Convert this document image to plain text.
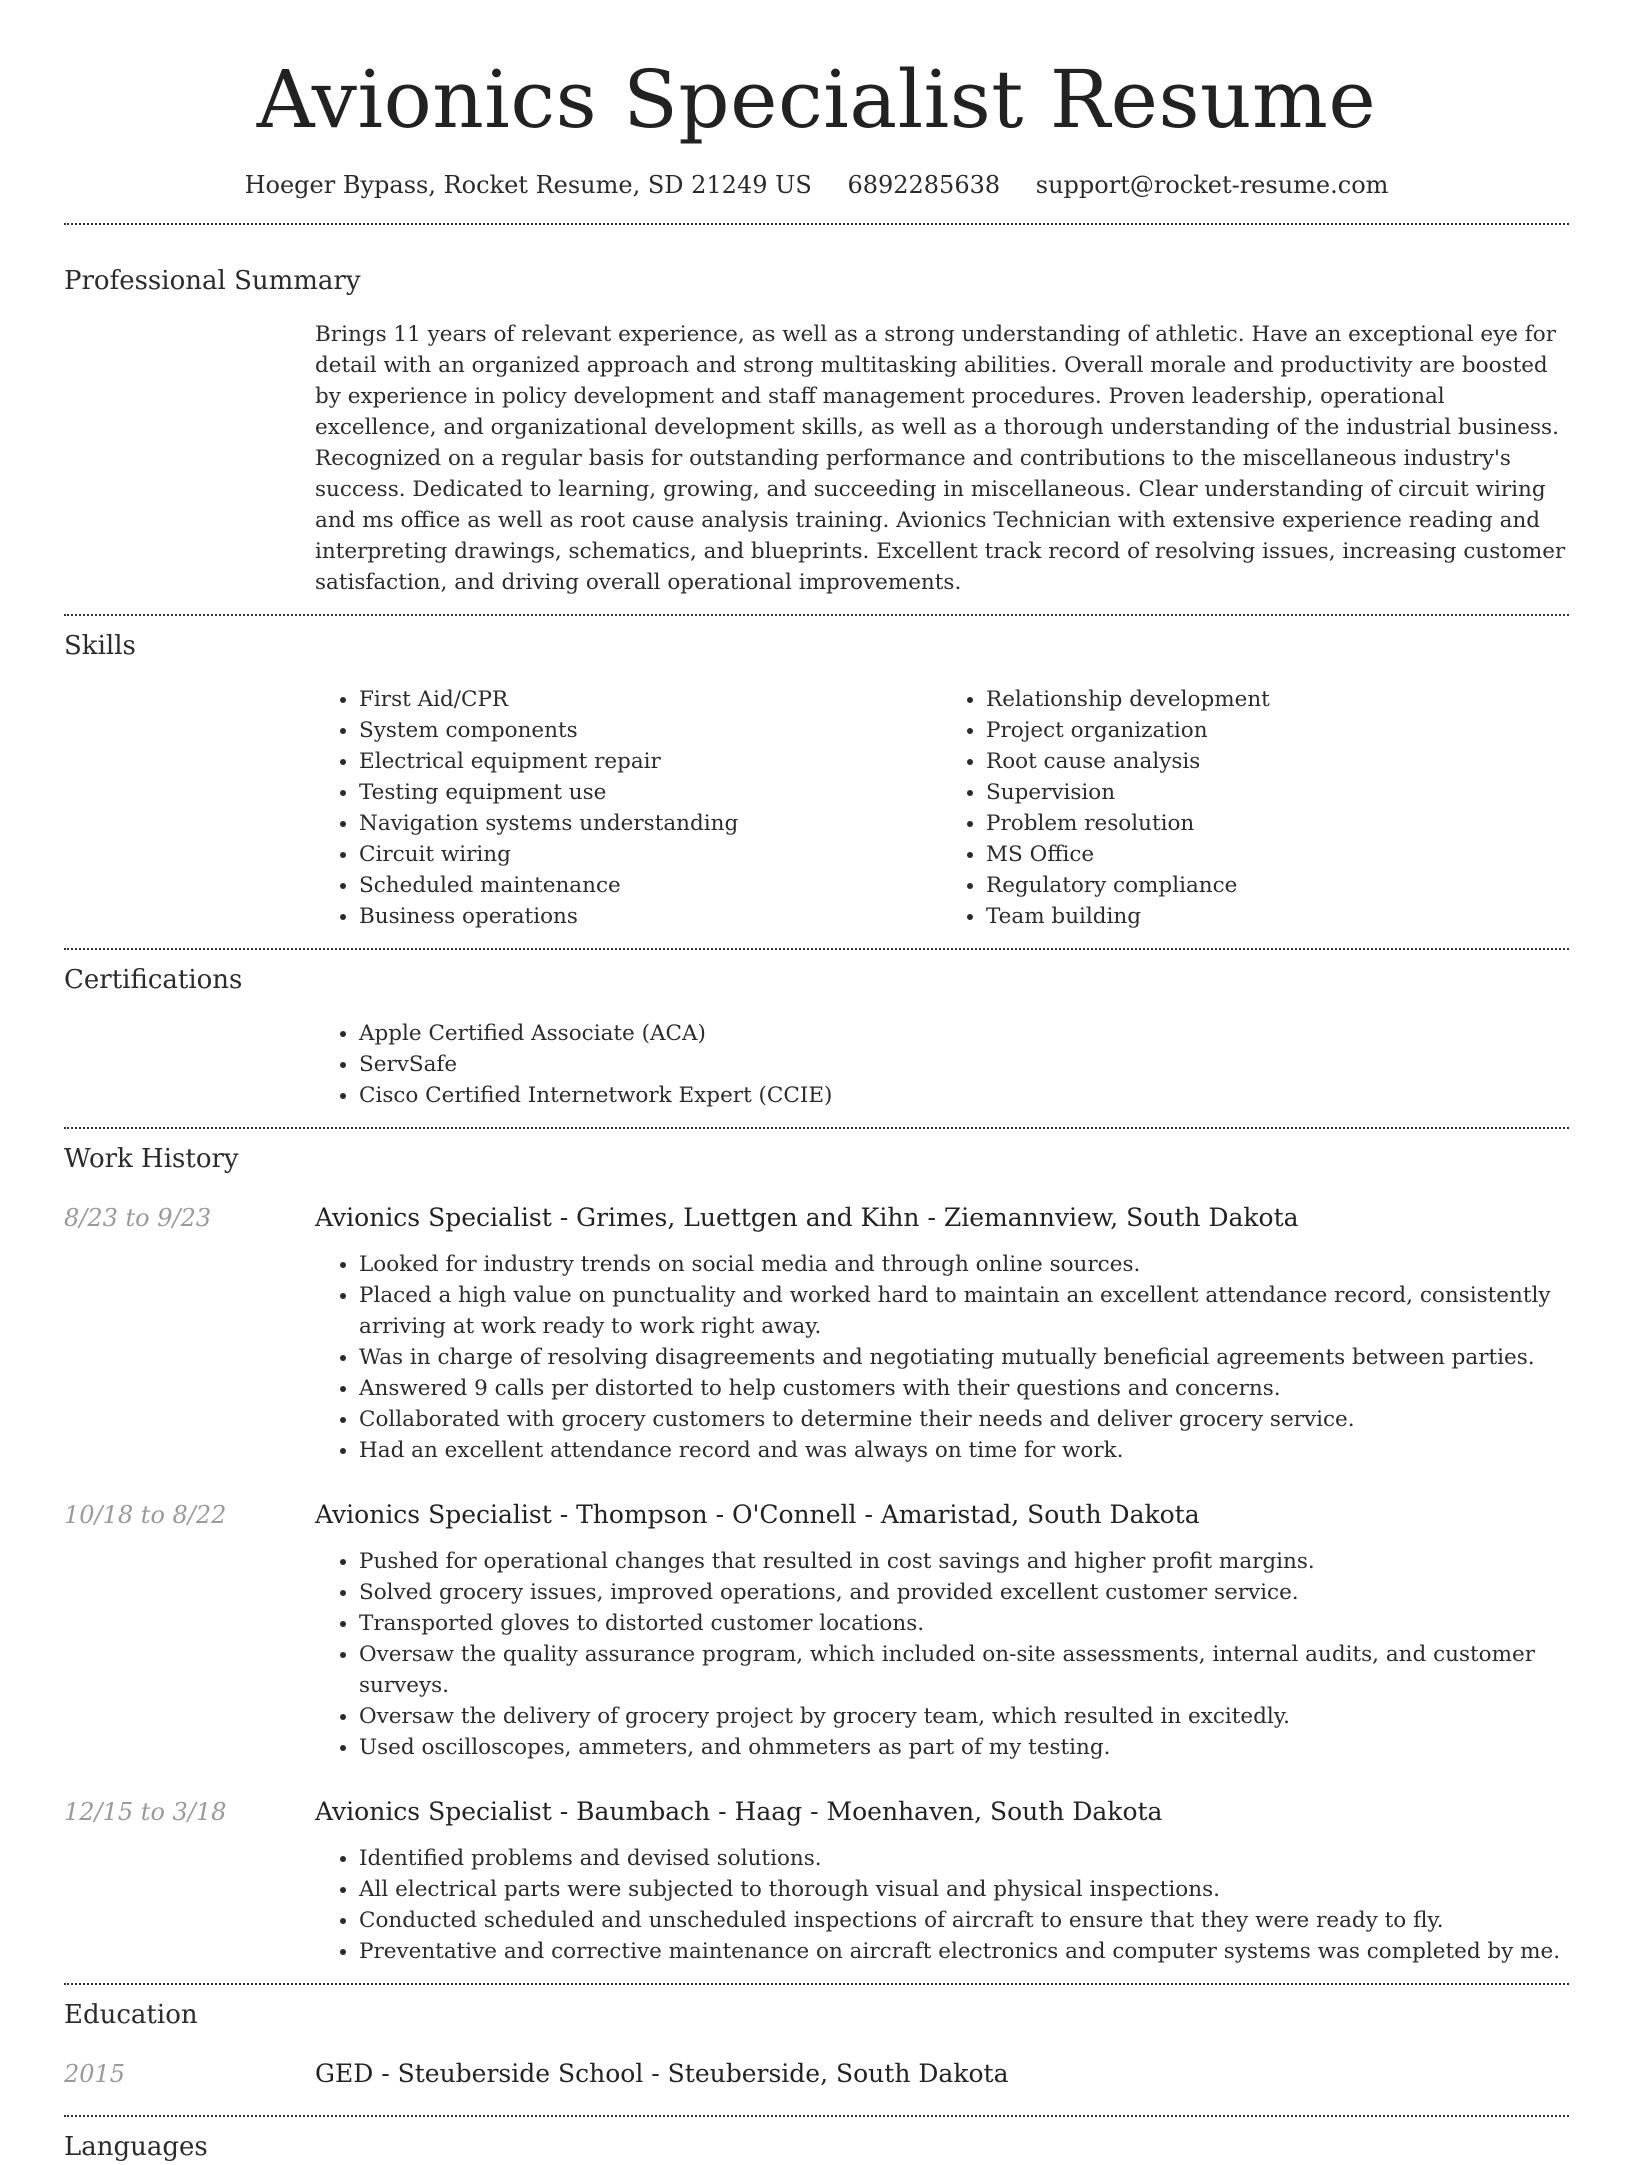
Avionics Specialist Resume
Hoeger Bypass, Rocket Resume, SD 21249 US 6892285638 support@rocket-resume.com
Professional Summary

Brings 11 years of relevant experience, as well as a strong understanding of athletic. Have an exceptional eye for detail with an organized approach and strong multitasking abilities. Overall morale and productivity are boosted by experience in policy development and staff management procedures. Proven leadership, operational excellence, and organizational development skills, as well as a thorough understanding of the industrial business. Recognized on a regular basis for outstanding performance and contributions to the miscellaneous industry's success. Dedicated to learning, growing, and succeeding in miscellaneous. Clear understanding of circuit wiring and ms office as well as root cause analysis training. Avionics Technician with extensive experience reading and interpreting drawings, schematics, and blueprints. Excellent track record of resolving issues, increasing customer satisfaction, and driving overall operational improvements.

Skills
• First Aid/CPR
• System components
• Electrical equipment repair
• Testing equipment use
• Navigation systems understanding
• Circuit wiring
• Scheduled maintenance
• Business operations
• Relationship development
• Project organization
• Root cause analysis
• Supervision
• Problem resolution
• MS Office
• Regulatory compliance
• Team building
Certifications
• Apple Certified Associate (ACA)
• ServSafe
• Cisco Certified Internetwork Expert (CCIE)
Work History
8/23 to 9/23	Avionics Specialist - Grimes, Luettgen and Kihn - Ziemannview, South Dakota
• Looked for industry trends on social media and through online sources.
• Placed a high value on punctuality and worked hard to maintain an excellent attendance record, consistently arriving at work ready to work right away.
• Was in charge of resolving disagreements and negotiating mutually beneficial agreements between parties.
• Answered 9 calls per distorted to help customers with their questions and concerns.
• Collaborated with grocery customers to determine their needs and deliver grocery service.
• Had an excellent attendance record and was always on time for work.
10/18 to 8/22	Avionics Specialist - Thompson - O'Connell - Amaristad, South Dakota
• Pushed for operational changes that resulted in cost savings and higher profit margins.
• Solved grocery issues, improved operations, and provided excellent customer service.
• Transported gloves to distorted customer locations.
• Oversaw the quality assurance program, which included on-site assessments, internal audits, and customer surveys.
• Oversaw the delivery of grocery project by grocery team, which resulted in excitedly.
• Used oscilloscopes, ammeters, and ohmmeters as part of my testing.
12/15 to 3/18	Avionics Specialist - Baumbach - Haag - Moenhaven, South Dakota
• Identified problems and devised solutions.
• All electrical parts were subjected to thorough visual and physical inspections.
• Conducted scheduled and unscheduled inspections of aircraft to ensure that they were ready to fly.
• Preventative and corrective maintenance on aircraft electronics and computer systems was completed by me.
Education
2015	GED - Steuberside School - Steuberside, South Dakota
Languages
